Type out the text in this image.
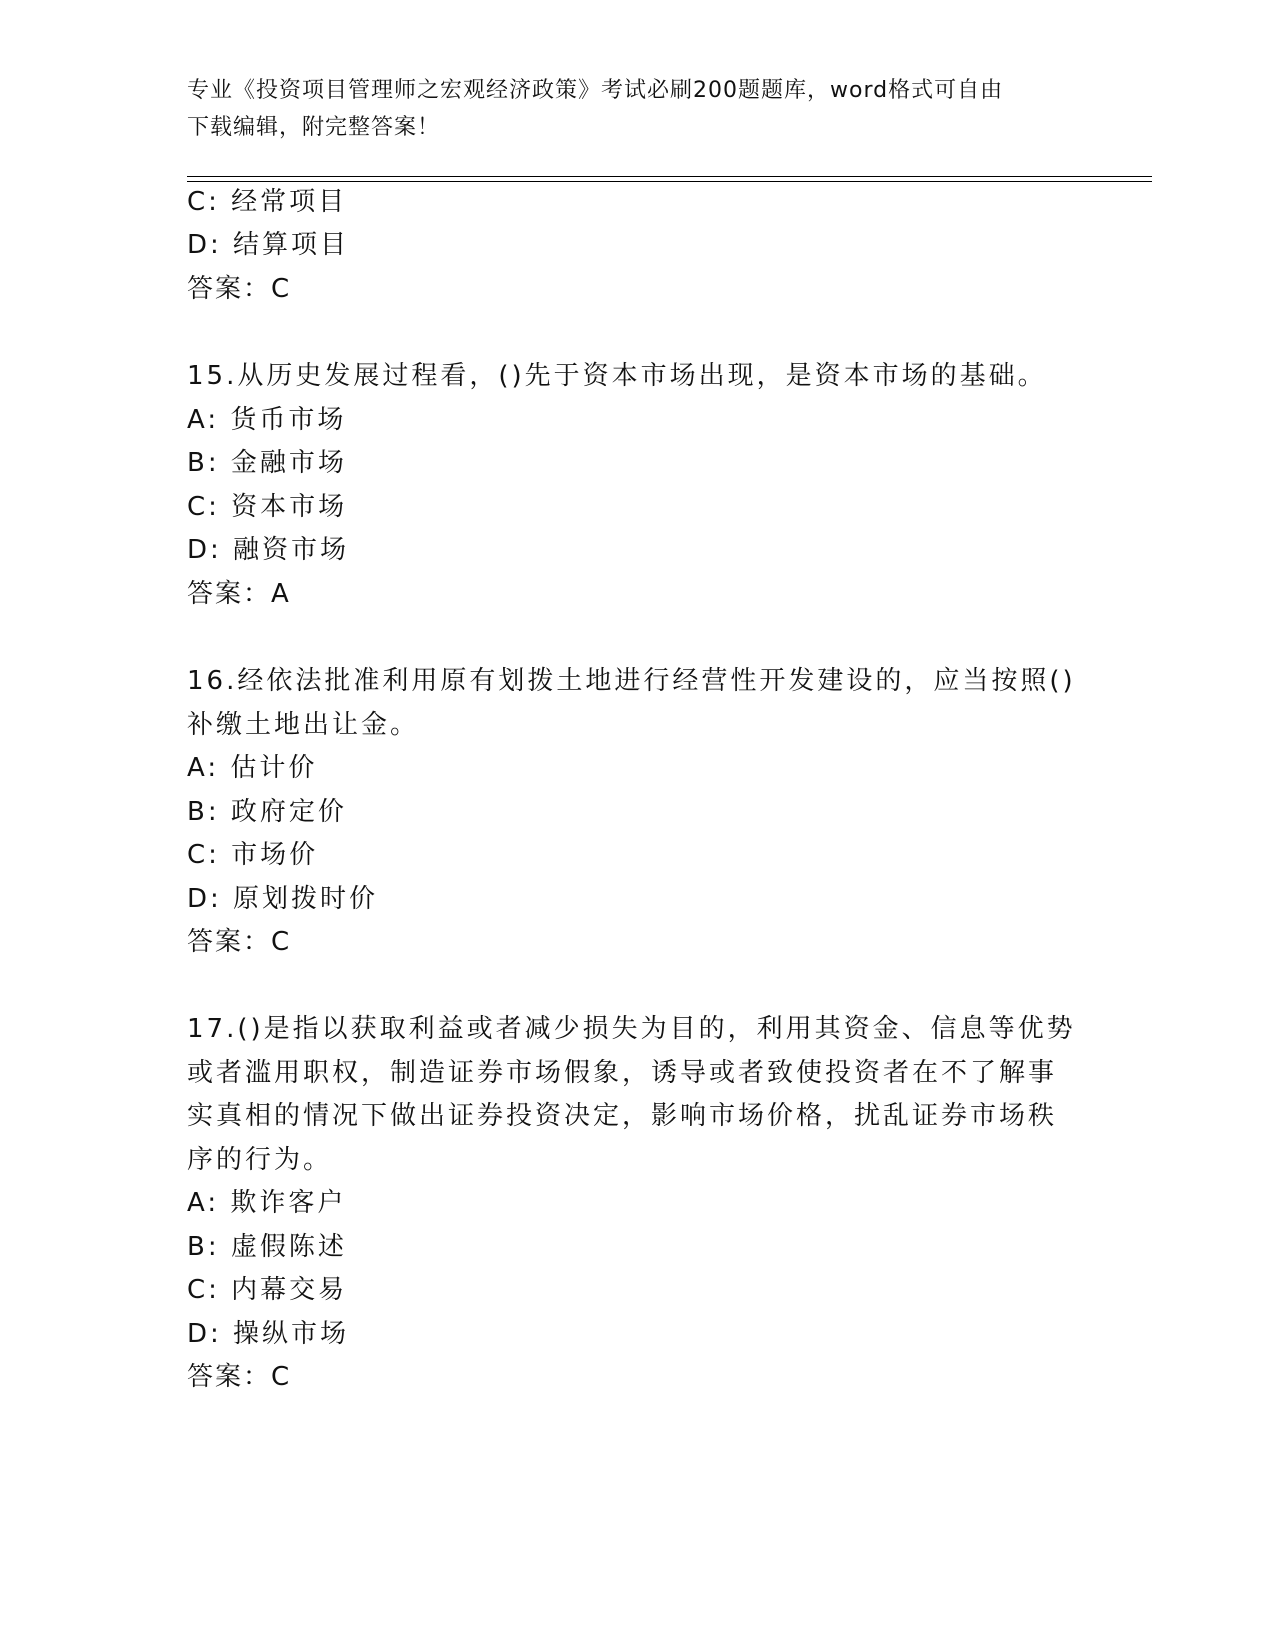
专业《投资项目管理师之宏观经济政策》考试必刷200题题库，word格式可自由
下载编辑，附完整答案！
C: 经常项目
D: 结算项目
答案：C
15.从历史发展过程看，()先于资本市场出现，是资本市场的基础。
A: 货币市场
B: 金融市场
C: 资本市场
D: 融资市场
答案：A
16.经依法批准利用原有划拨土地进行经营性开发建设的，应当按照()
补缴土地出让金。
A: 估计价
B: 政府定价
C: 市场价
D: 原划拨时价
答案：C
17.()是指以获取利益或者减少损失为目的，利用其资金、信息等优势
或者滥用职权，制造证券市场假象，诱导或者致使投资者在不了解事
实真相的情况下做出证券投资决定，影响市场价格，扰乱证券市场秩
序的行为。
A: 欺诈客户
B: 虚假陈述
C: 内幕交易
D: 操纵市场
答案：C
